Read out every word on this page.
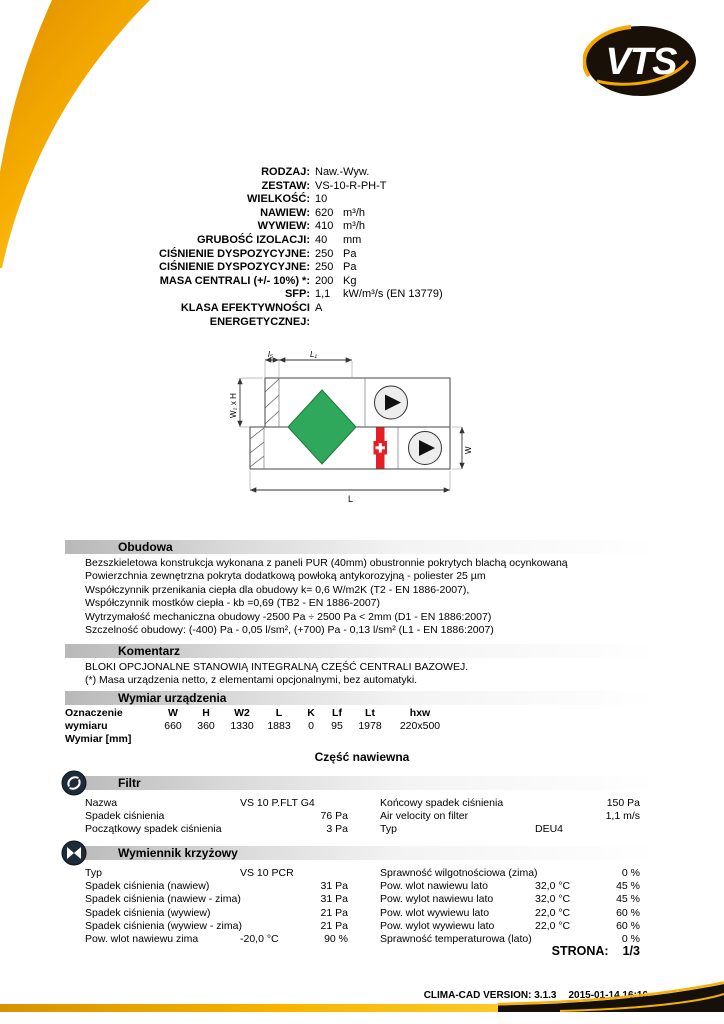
VTS
RODZAJ: Naw.-Wyw.
ZESTAW: VS-10-R-PH-T
WIELKOŚĆ: 10
NAWIEW: 620 m³/h
WYWIEW: 410 m³/h
GRUBOŚĆ IZOLACJI: 40	mm
CIŚNIENIE DYSPOZYCYJNE: 250 Pa
CIŚNIENIE DYSPOZYCYJNE: 250 Pa
MASA CENTRALI (+/- 10%) *: 200 Kg
SFP: 1,1	kW/m³/s (EN 13779)
KLASA EFEKTYWNOŚCI A
ENERGETYCZNEJ:
l₅	L₁
W₂ x H
W
L
Obudowa
Bezszkieletowa konstrukcja wykonana z paneli PUR (40mm) obustronnie pokrytych blachą ocynkowaną
Powierzchnia zewnętrzna pokryta dodatkową powłoką antykorozyjną - poliester 25 µm
Współczynnik przenikania ciepła dla obudowy k= 0,6 W/m2K (T2 - EN 1886-2007),
Współczynnik mostków ciepła - kb =0,69 (TB2 - EN 1886-2007)
Wytrzymałość mechaniczna obudowy -2500 Pa ÷ 2500 Pa < 2mm (D1 - EN 1886:2007)
Szczelność obudowy: (-400) Pa - 0,05 l/sm², (+700) Pa - 0,13 l/sm² (L1 - EN 1886:2007)
Komentarz
BLOKI OPCJONALNE STANOWIĄ INTEGRALNĄ CZĘŚĆ CENTRALI BAZOWEJ.
(*) Masa urządzenia netto, z elementami opcjonalnymi, bez automatyki.
Wymiar urządzenia
Oznaczenie	W	H	W2	L	K	Lf	Lt	hxw
wymiaru	660	360	1330	1883	0	95	1978	220x500
Wymiar [mm]
Część nawiewna
Filtr
Nazwa	VS 10 P.FLT G4
Spadek ciśnienia	76 Pa
Początkowy spadek ciśnienia	3 Pa
Końcowy spadek ciśnienia	150 Pa
Air velocity on filter	1,1 m/s
Typ	DEU4
Wymiennik krzyżowy
Typ	VS 10 PCR
Spadek ciśnienia (nawiew)	31 Pa
Spadek ciśnienia (nawiew - zima)	31 Pa
Spadek ciśnienia (wywiew)	21 Pa
Spadek ciśnienia (wywiew - zima)	21 Pa
Pow. wlot nawiewu zima	-20,0 °C	90 %
Sprawność wilgotnościowa (zima)	0 %
Pow. wlot nawiewu lato	32,0 °C	45 %
Pow. wylot nawiewu lato	32,0 °C	45 %
Pow. wlot wywiewu lato	22,0 °C	60 %
Pow. wylot wywiewu lato	22,0 °C	60 %
Sprawność temperaturowa (lato)	0 %
STRONA: 1/3
CLIMA-CAD VERSION: 3.1.3 2015-01-14 16:16
